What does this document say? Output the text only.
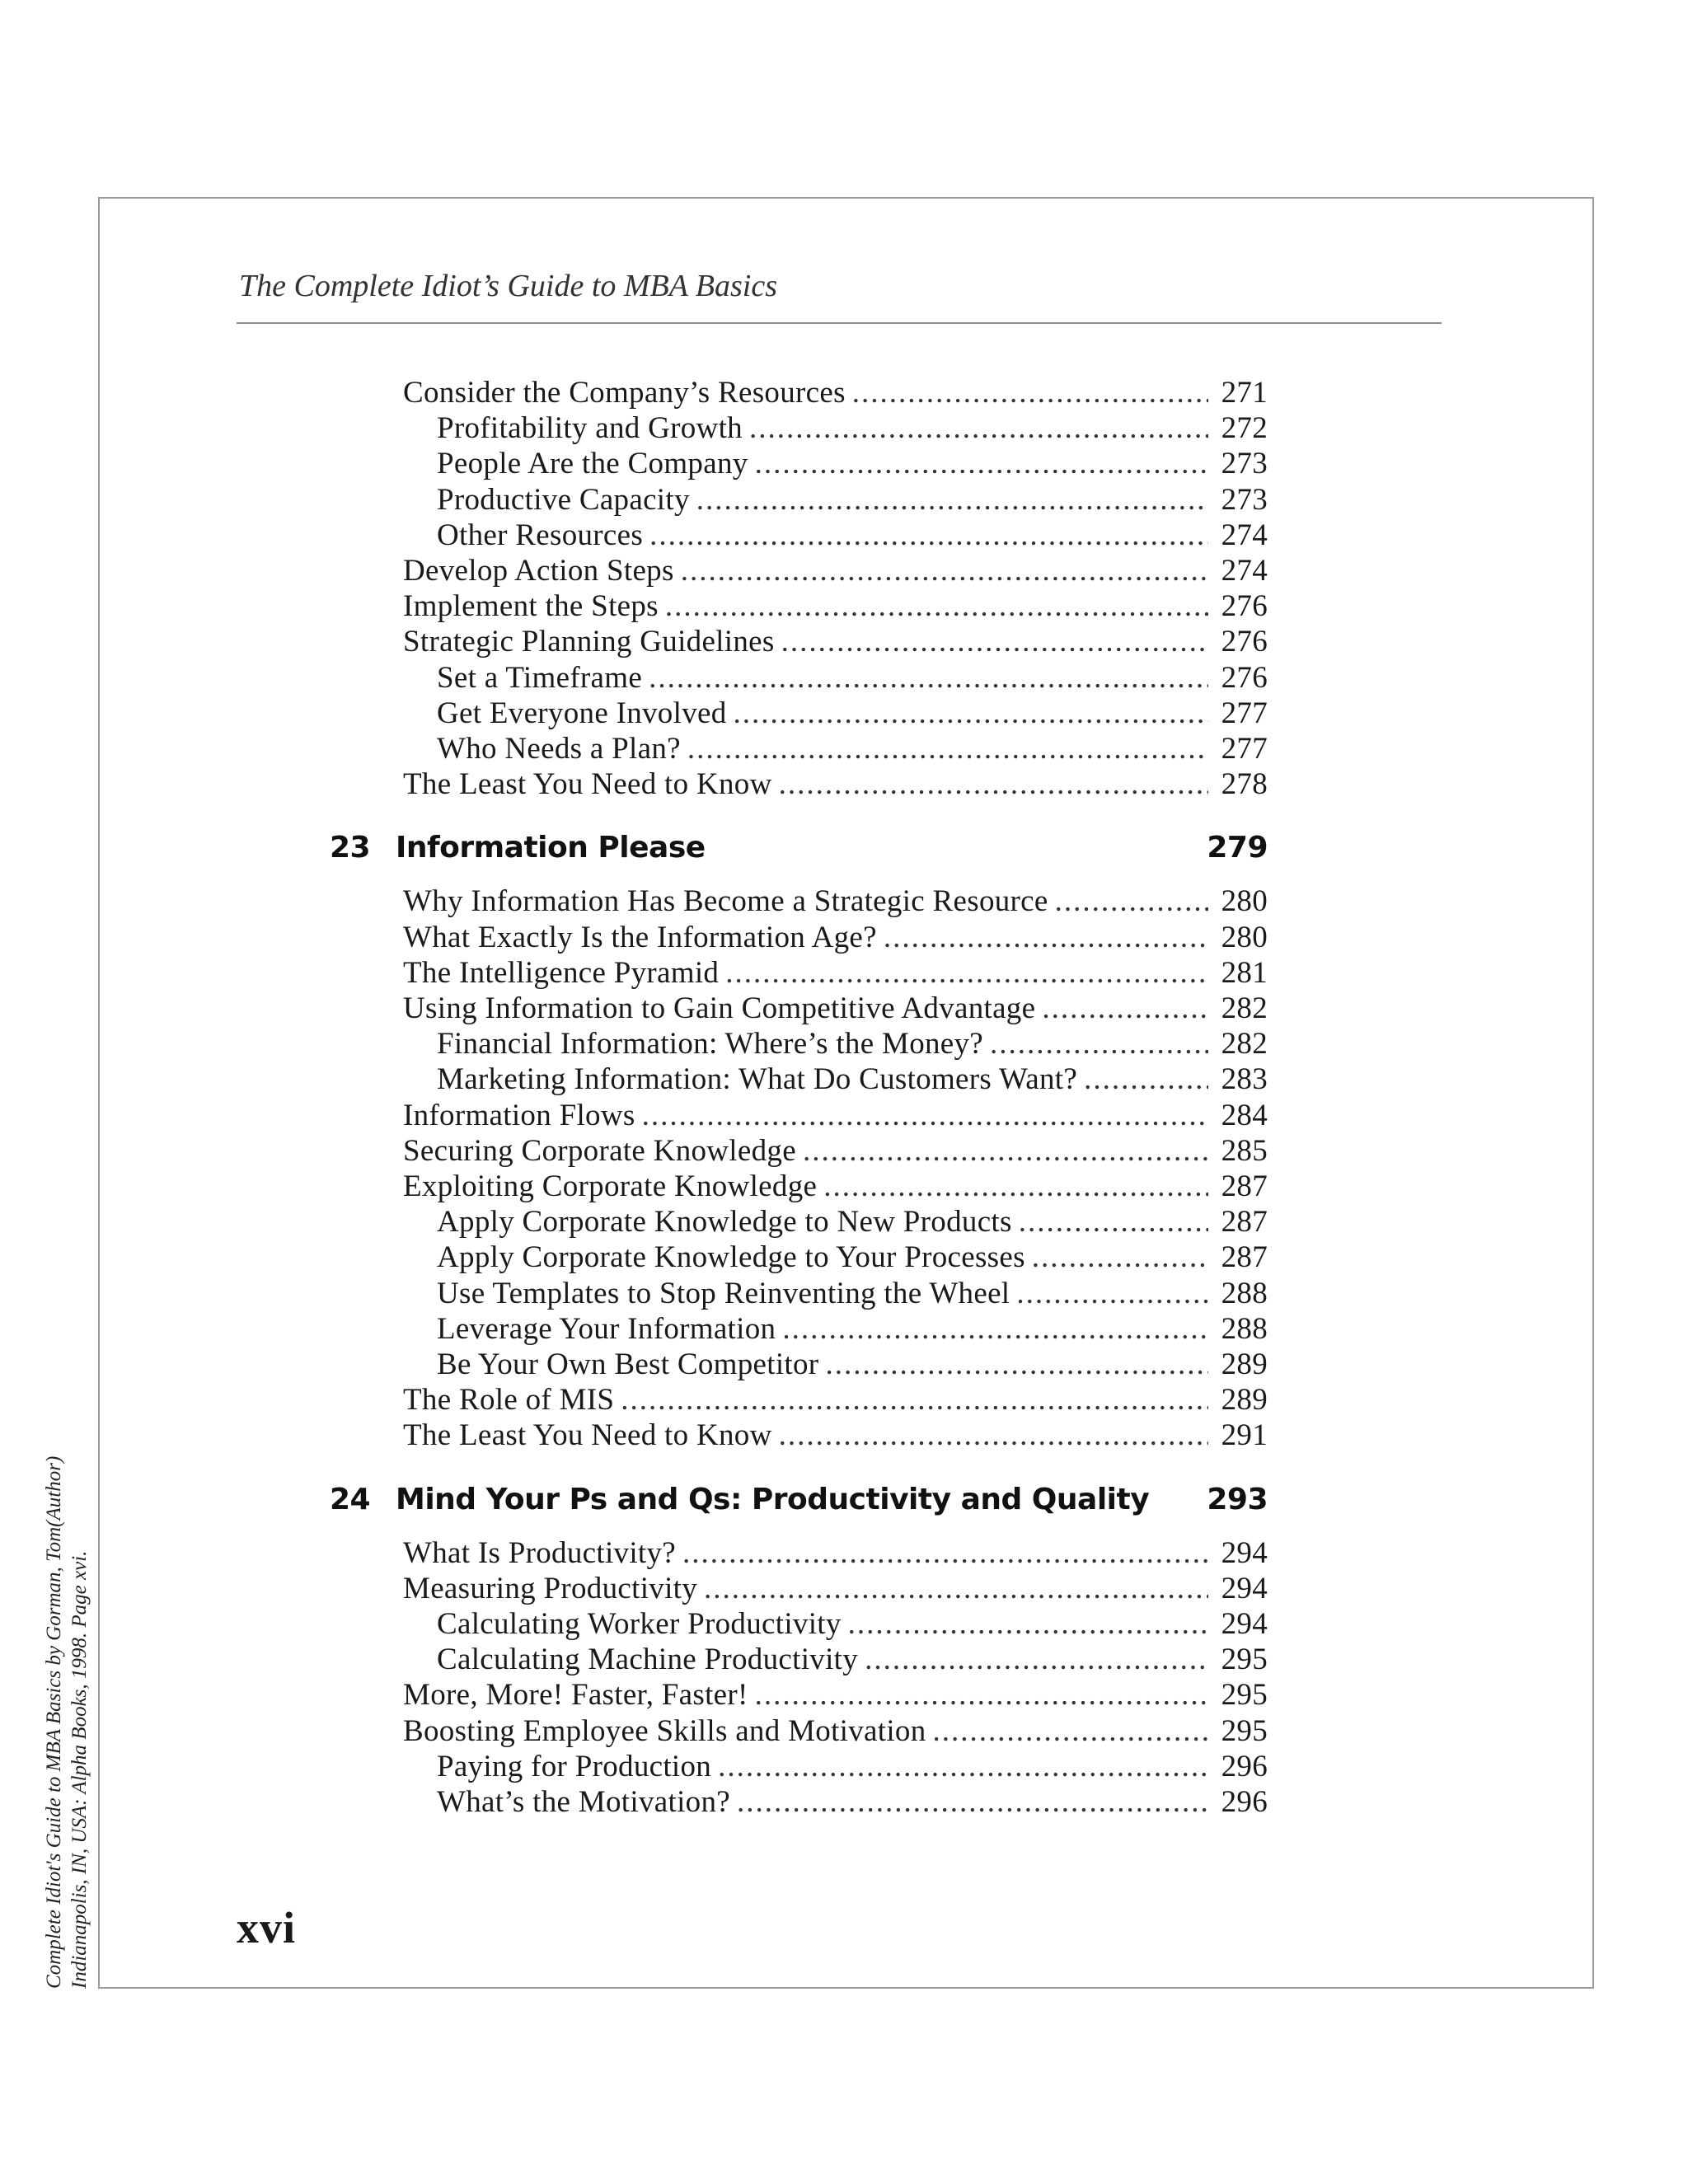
The Complete Idiot’s Guide to MBA Basics
Consider the Company’s Resources .....	271
Profitability and Growth .....	272
People Are the Company .....	273
Productive Capacity .....	273
Other Resources .....	274
Develop Action Steps .....	274
Implement the Steps .....	276
Strategic Planning Guidelines .....	276
Set a Timeframe .....	276
Get Everyone Involved .....	277
Who Needs a Plan? .....	277
The Least You Need to Know .....	278
23 Information Please	279
Why Information Has Become a Strategic Resource .....	280
What Exactly Is the Information Age? .....	280
The Intelligence Pyramid .....	281
Using Information to Gain Competitive Advantage .....	282
Financial Information: Where’s the Money? .....	282
Marketing Information: What Do Customers Want? .....	283
Information Flows .....	284
Securing Corporate Knowledge .....	285
Exploiting Corporate Knowledge .....	287
Apply Corporate Knowledge to New Products .....	287
Apply Corporate Knowledge to Your Processes .....	287
Use Templates to Stop Reinventing the Wheel .....	288
Leverage Your Information .....	288
Be Your Own Best Competitor .....	289
The Role of MIS .....	289
The Least You Need to Know .....	291
24 Mind Your Ps and Qs: Productivity and Quality	293
What Is Productivity? .....	294
Measuring Productivity .....	294
Calculating Worker Productivity .....	294
Calculating Machine Productivity .....	295
More, More! Faster, Faster! .....	295
Boosting Employee Skills and Motivation .....	295
Paying for Production .....	296
What’s the Motivation? .....	296
xvi
Complete Idiot's Guide to MBA Basics by Gorman, Tom(Author) Indianapolis, IN, USA: Alpha Books, 1998. Page xvi.
